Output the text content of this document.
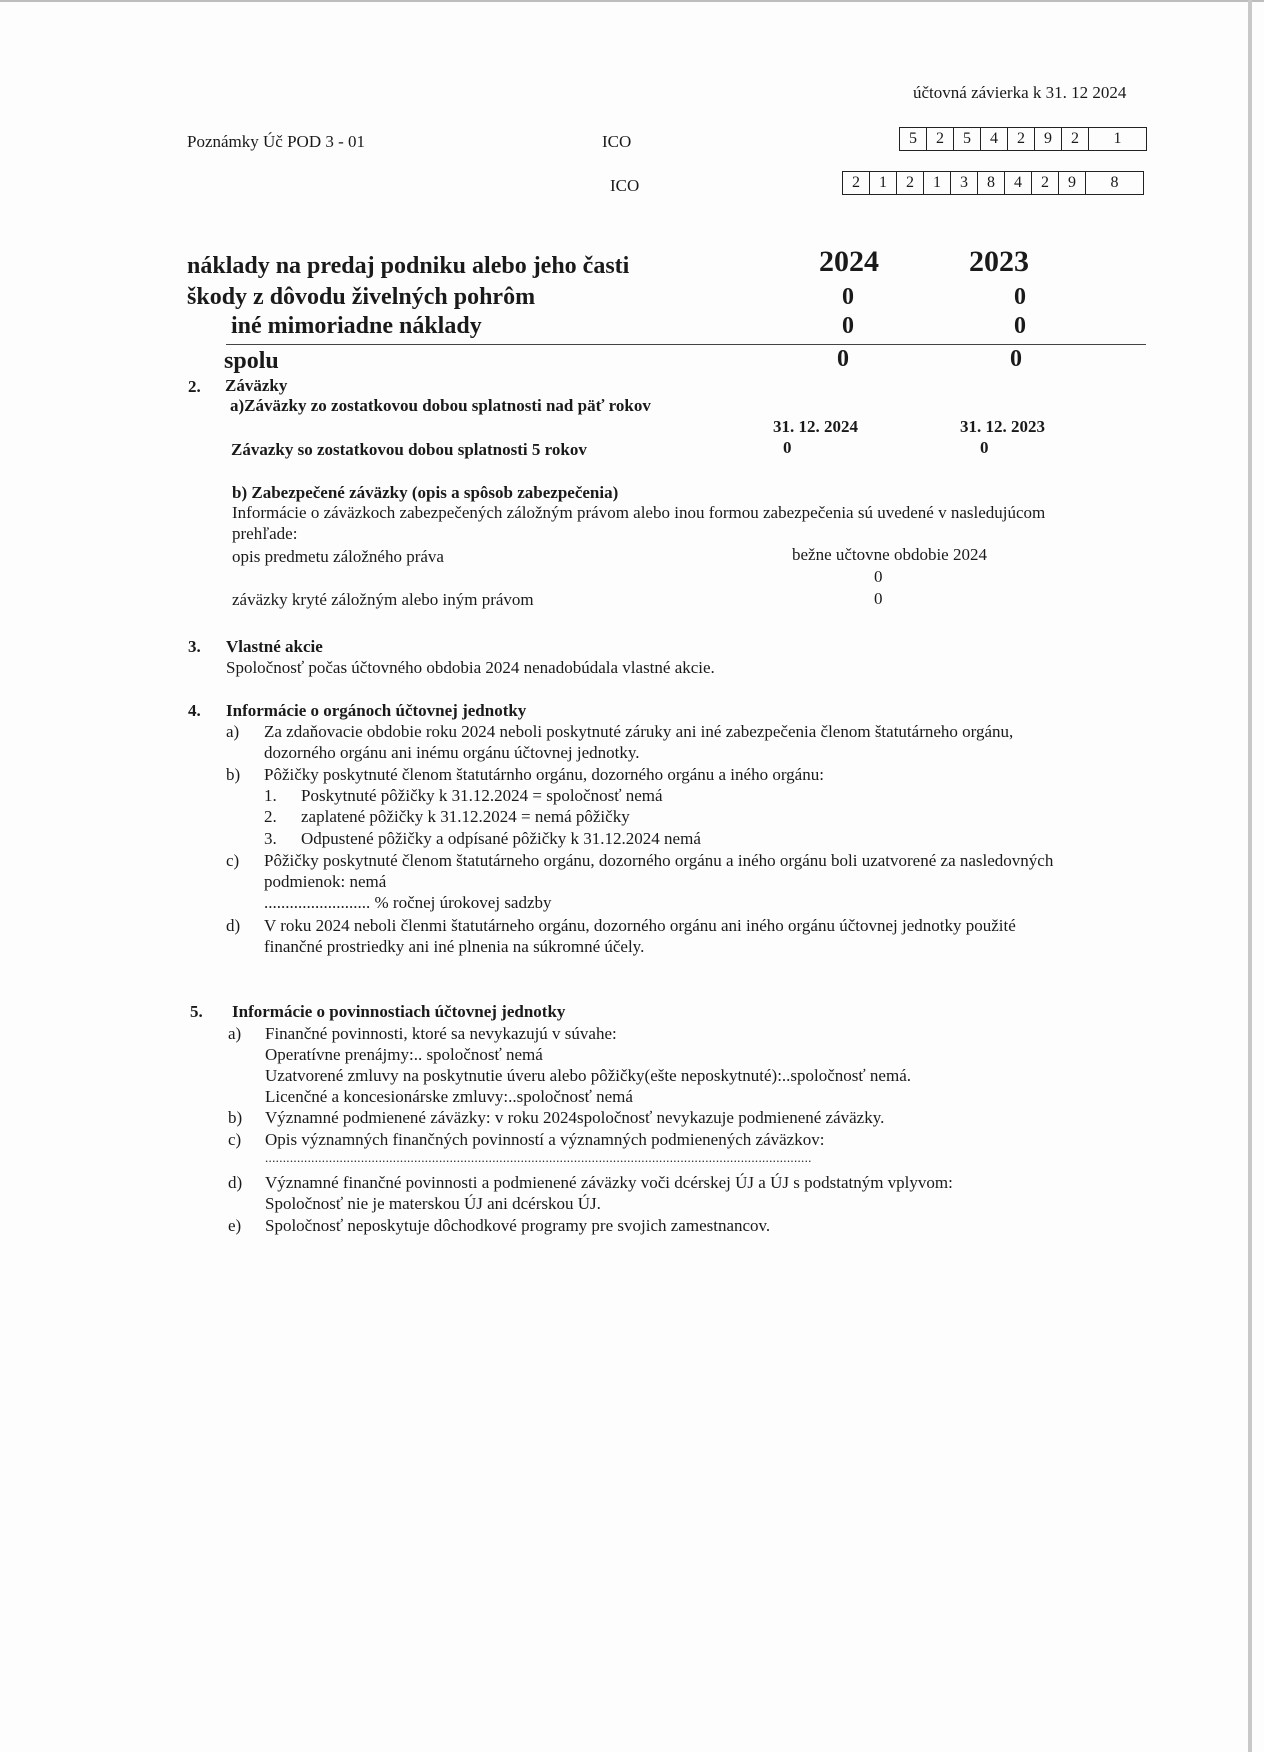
účtovná závierka k 31. 12 2024
Poznámky Úč POD 3 - 01	ICO
ICO
5	2	5	4	2	9	2	1
2	1	2	1	3	8	4	2	9	8
2024	2023
náklady na predaj podniku alebo jeho časti
škody z dôvodu živelných pohrôm	0	0
iné mimoriadne náklady	0	0
spolu	0	0
2. Záväzky
a)Záväzky zo zostatkovou dobou splatnosti nad päť rokov
31. 12. 2024	31. 12. 2023
Závazky so zostatkovou dobou splatnosti 5 rokov	0	0
b) Zabezpečené záväzky (opis a spôsob zabezpečenia)
Informácie o záväzkoch zabezpečených záložným právom alebo inou formou zabezpečenia sú uvedené v nasledujúcom
prehľade:
opis predmetu záložného práva	bežne učtovne obdobie 2024
0
záväzky kryté záložným alebo iným právom	0
3. Vlastné akcie
Spoločnosť počas účtovného obdobia 2024 nenadobúdala vlastné akcie.
4. Informácie o orgánoch účtovnej jednotky
a) Za zdaňovacie obdobie roku 2024 neboli poskytnuté záruky ani iné zabezpečenia členom štatutárneho orgánu,
dozorného orgánu ani inému orgánu účtovnej jednotky.
b) Pôžičky poskytnuté členom štatutárnho orgánu, dozorného orgánu a iného orgánu:
1. Poskytnuté pôžičky k 31.12.2024 = spoločnosť nemá
2. zaplatené pôžičky k 31.12.2024 = nemá pôžičky
3. Odpustené pôžičky a odpísané pôžičky k 31.12.2024 nemá
c) Pôžičky poskytnuté členom štatutárneho orgánu, dozorného orgánu a iného orgánu boli uzatvorené za nasledovných
podmienok: nemá
......................... % ročnej úrokovej sadzby
d) V roku 2024 neboli členmi štatutárneho orgánu, dozorného orgánu ani iného orgánu účtovnej jednotky použité
finančné prostriedky ani iné plnenia na súkromné účely.
5. Informácie o povinnostiach účtovnej jednotky
a) Finančné povinnosti, ktoré sa nevykazujú v súvahe:
Operatívne prenájmy:.. spoločnosť nemá
Uzatvorené zmluvy na poskytnutie úveru alebo pôžičky(ešte neposkytnuté):..spoločnosť nemá.
Licenčné a koncesionárske zmluvy:..spoločnosť nemá
b) Významné podmienené záväzky: v roku 2024spoločnosť nevykazuje podmienené záväzky.
c) Opis významných finančných povinností a významných podmienených záväzkov:
..........................................................................................................................................................
d) Významné finančné povinnosti a podmienené záväzky voči dcérskej ÚJ a ÚJ s podstatným vplyvom:
Spoločnosť nie je materskou ÚJ ani dcérskou ÚJ.
e) Spoločnosť neposkytuje dôchodkové programy pre svojich zamestnancov.
